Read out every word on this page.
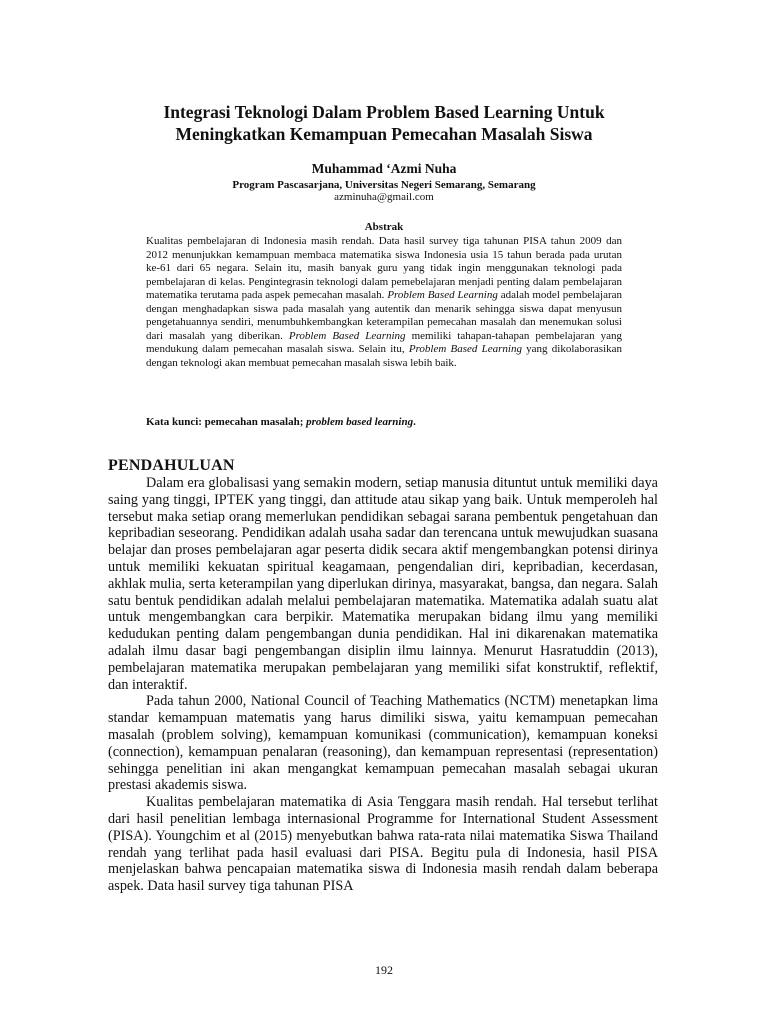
Integrasi Teknologi Dalam Problem Based Learning Untuk
Meningkatkan Kemampuan Pemecahan Masalah Siswa

Muhammad ‘Azmi Nuha

Program Pascasarjana, Universitas Negeri Semarang, Semarang

azminuha@gmail.com

Abstrak

Kualitas pembelajaran di Indonesia masih rendah. Data hasil survey tiga tahunan PISA tahun 2009 dan 2012 menunjukkan kemampuan membaca matematika siswa Indonesia usia 15 tahun berada pada urutan ke-61 dari 65 negara. Selain itu, masih banyak guru yang tidak ingin menggunakan teknologi pada pembelajaran di kelas. Pengintegrasin teknologi dalam pemebelajaran menjadi penting dalam pembelajaran matematika terutama pada aspek pemecahan masalah. Problem Based Learning adalah model pembelajaran dengan menghadapkan siswa pada masalah yang autentik dan menarik sehingga siswa dapat menyusun pengetahuannya sendiri, menumbuhkembangkan keterampilan pemecahan masalah dan menemukan solusi dari masalah yang diberikan. Problem Based Learning memiliki tahapan-tahapan pembelajaran yang mendukung dalam pemecahan masalah siswa. Selain itu, Problem Based Learning yang dikolaborasikan dengan teknologi akan membuat pemecahan masalah siswa lebih baik.

Kata kunci: pemecahan masalah; problem based learning.

PENDAHULUAN

Dalam era globalisasi yang semakin modern, setiap manusia dituntut untuk memiliki daya saing yang tinggi, IPTEK yang tinggi, dan attitude atau sikap yang baik. Untuk memperoleh hal tersebut maka setiap orang memerlukan pendidikan sebagai sarana pembentuk pengetahuan dan kepribadian seseorang. Pendidikan adalah usaha sadar dan terencana untuk mewujudkan suasana belajar dan proses pembelajaran agar peserta didik secara aktif mengembangkan potensi dirinya untuk memiliki kekuatan spiritual keagamaan, pengendalian diri, kepribadian, kecerdasan, akhlak mulia, serta keterampilan yang diperlukan dirinya, masyarakat, bangsa, dan negara. Salah satu bentuk pendidikan adalah melalui pembelajaran matematika. Matematika adalah suatu alat untuk mengembangkan cara berpikir. Matematika merupakan bidang ilmu yang memiliki kedudukan penting dalam pengembangan dunia pendidikan. Hal ini dikarenakan matematika adalah ilmu dasar bagi pengembangan disiplin ilmu lainnya. Menurut Hasratuddin (2013), pembelajaran matematika merupakan pembelajaran yang memiliki sifat konstruktif, reflektif, dan interaktif.

Pada tahun 2000, National Council of Teaching Mathematics (NCTM) menetapkan lima standar kemampuan matematis yang harus dimiliki siswa, yaitu kemampuan pemecahan masalah (problem solving), kemampuan komunikasi (communication), kemampuan koneksi (connection), kemampuan penalaran (reasoning), dan kemampuan representasi (representation) sehingga penelitian ini akan mengangkat kemampuan pemecahan masalah sebagai ukuran prestasi akademis siswa.

Kualitas pembelajaran matematika di Asia Tenggara masih rendah. Hal tersebut terlihat dari hasil penelitian lembaga internasional Programme for International Student Assessment (PISA). Youngchim et al (2015) menyebutkan bahwa rata-rata nilai matematika Siswa Thailand rendah yang terlihat pada hasil evaluasi dari PISA. Begitu pula di Indonesia, hasil PISA menjelaskan bahwa pencapaian matematika siswa di Indonesia masih rendah dalam beberapa aspek. Data hasil survey tiga tahunan PISA

192
